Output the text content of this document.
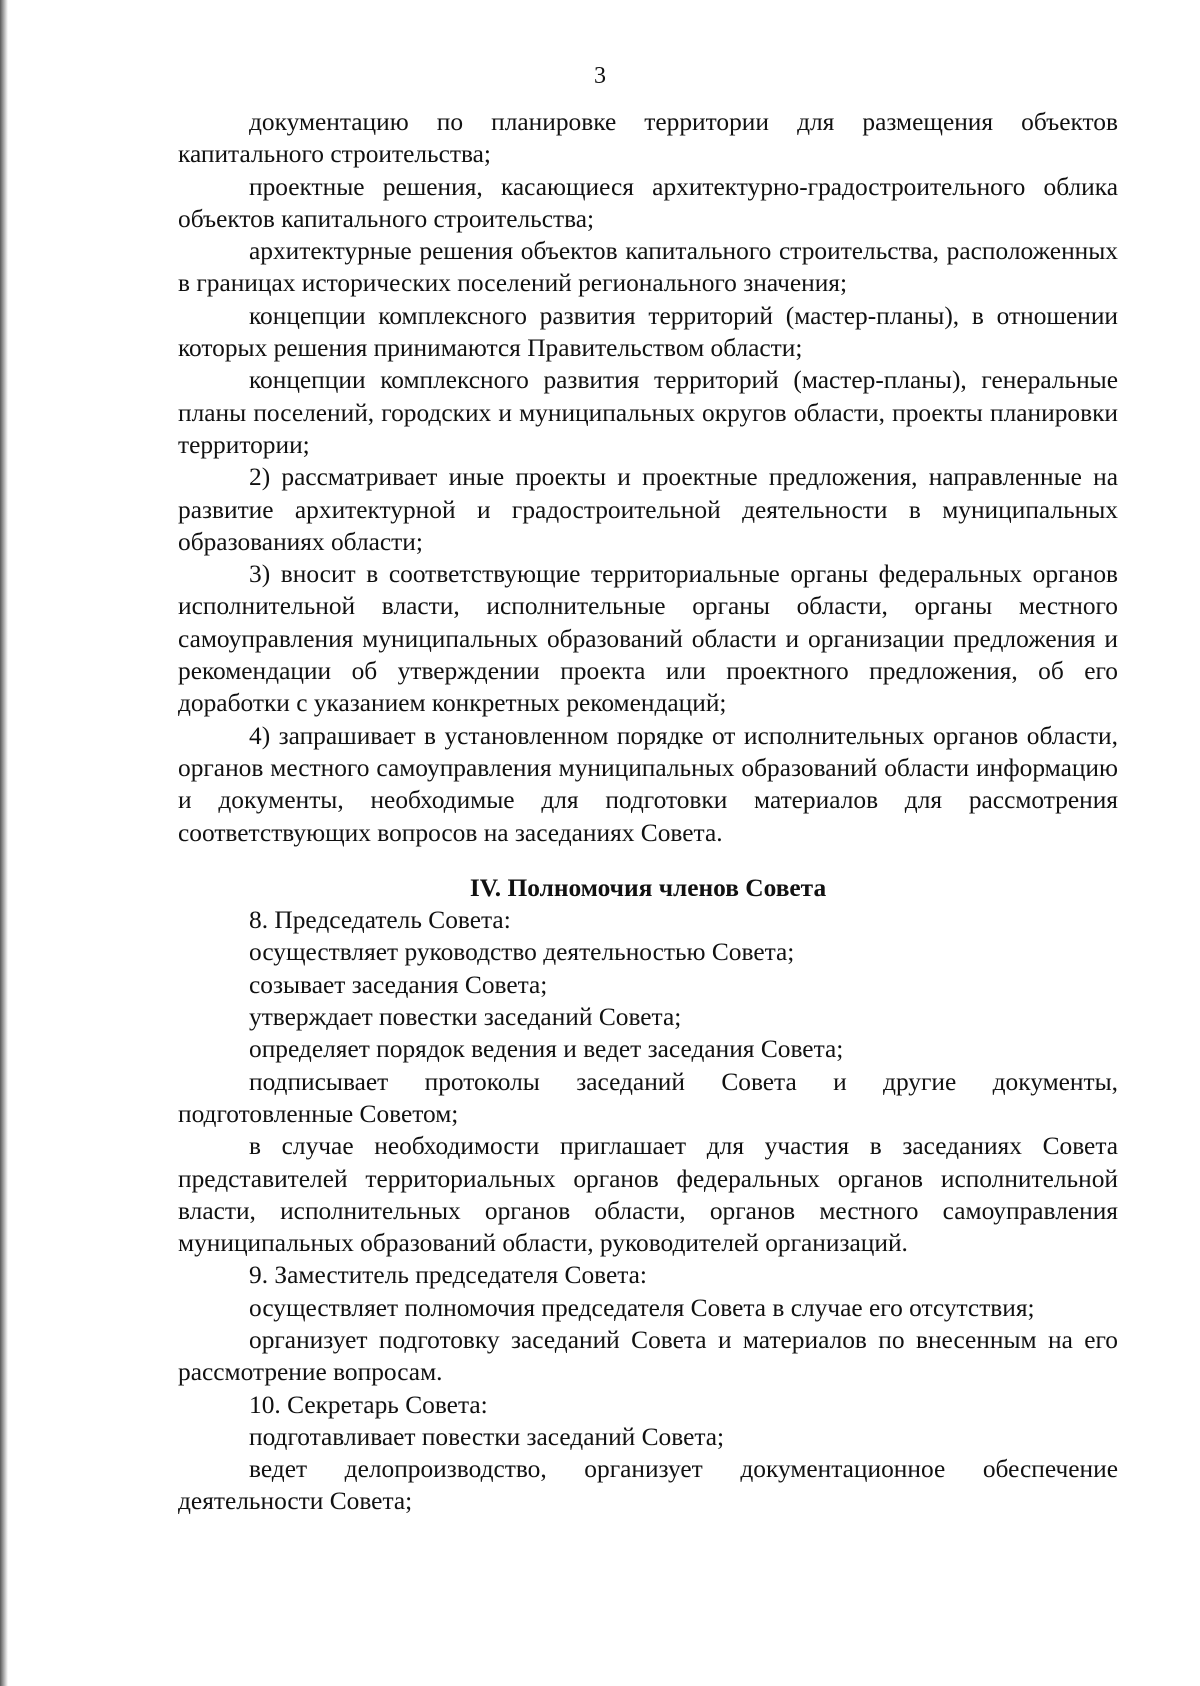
3

документацию по планировке территории для размещения объектов капитального строительства;

проектные решения, касающиеся архитектурно-градостроительного облика объектов капитального строительства;

архитектурные решения объектов капитального строительства, расположенных в границах исторических поселений регионального значения;

концепции комплексного развития территорий (мастер-планы), в отношении которых решения принимаются Правительством области;

концепции комплексного развития территорий (мастер-планы), генеральные планы поселений, городских и муниципальных округов области, проекты планировки территории;

2) рассматривает иные проекты и проектные предложения, направленные на развитие архитектурной и градостроительной деятельности в муниципальных образованиях области;

3) вносит в соответствующие территориальные органы федеральных органов исполнительной власти, исполнительные органы области, органы местного самоуправления муниципальных образований области и организации предложения и рекомендации об утверждении проекта или проектного предложения, об его доработки с указанием конкретных рекомендаций;

4) запрашивает в установленном порядке от исполнительных органов области, органов местного самоуправления муниципальных образований области информацию и документы, необходимые для подготовки материалов для рассмотрения соответствующих вопросов на заседаниях Совета.

IV. Полномочия членов Совета

8. Председатель Совета:

осуществляет руководство деятельностью Совета;

созывает заседания Совета;

утверждает повестки заседаний Совета;

определяет порядок ведения и ведет заседания Совета;

подписывает протоколы заседаний Совета и другие документы, подготовленные Советом;

в случае необходимости приглашает для участия в заседаниях Совета представителей территориальных органов федеральных органов исполнительной власти, исполнительных органов области, органов местного самоуправления муниципальных образований области, руководителей организаций.

9. Заместитель председателя Совета:

осуществляет полномочия председателя Совета в случае его отсутствия;

организует подготовку заседаний Совета и материалов по внесенным на его рассмотрение вопросам.

10. Секретарь Совета:

подготавливает повестки заседаний Совета;

ведет делопроизводство, организует документационное обеспечение деятельности Совета;
